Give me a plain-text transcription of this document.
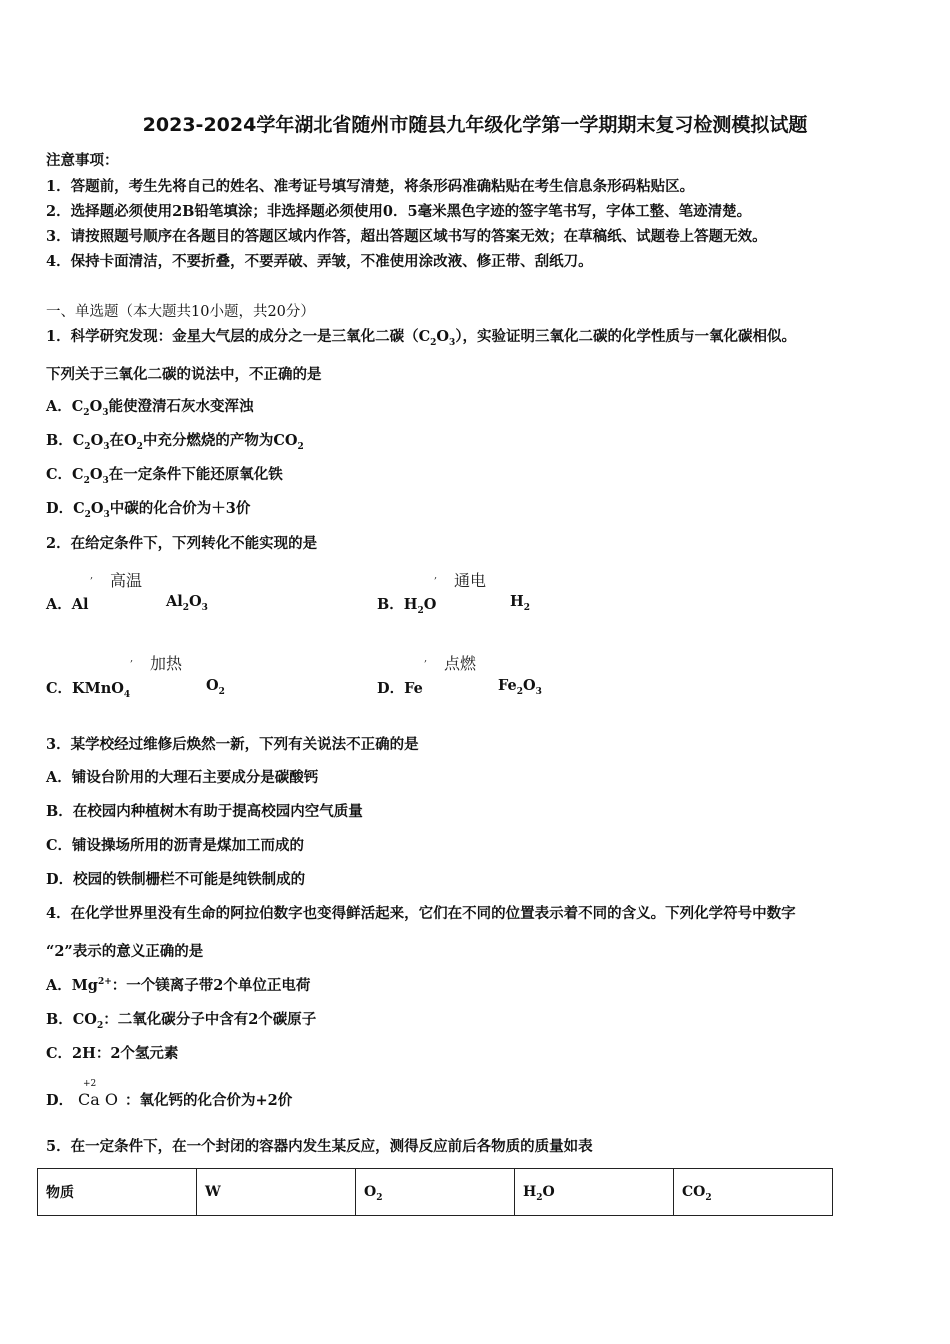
2023-2024学年湖北省随州市随县九年级化学第一学期期末复习检测模拟试题
注意事项：
1．答题前，考生先将自己的姓名、准考证号填写清楚，将条形码准确粘贴在考生信息条形码粘贴区。
2．选择题必须使用2B铅笔填涂；非选择题必须使用0．5毫米黑色字迹的签字笔书写，字体工整、笔迹清楚。
3．请按照题号顺序在各题目的答题区域内作答，超出答题区域书写的答案无效；在草稿纸、试题卷上答题无效。
4．保持卡面清洁，不要折叠，不要弄破、弄皱，不准使用涂改液、修正带、刮纸刀。
一、单选题（本大题共10小题，共20分）
1．科学研究发现：金星大气层的成分之一是三氧化二碳$(C_2O_3)$，实验证明三氧化二碳的化学性质与一氧化碳相似。
下列关于三氧化二碳的说法中，不正确的是
A．$C_2O_3$能使澄清石灰水变浑浊
B．$C_2O_3$在$O_2$中充分燃烧的产物为$CO_2$
C．$C_2O_3$在一定条件下能还原氧化铁
D．$C_2O_3$中碳的化合价为＋3价
2．在给定条件下，下列转化不能实现的是
, 高温
A．Al	$Al_2O_3$
, 通电
B．$H_2O$	$H_2$
, 加热
C．KMnO$_4$
$O_2$
, 点燃
D．Fe	$Fe_2O_3$
3．某学校经过维修后焕然一新，下列有关说法不正确的是
A．铺设台阶用的大理石主要成分是碳酸钙
B．在校园内种植树木有助于提高校园内空气质量
C．铺设操场所用的沥青是煤加工而成的
D．校园的铁制栅栏不可能是纯铁制成的
4．在化学世界里没有生命的阿拉伯数字也变得鲜活起来，它们在不同的位置表示着不同的含义。下列化学符号中数字
“2”表示的意义正确的是
A．$Mg^{2+}$：一个镁离子带2个单位正电荷
B．$CO_2$：二氧化碳分子中含有2个碳原子
C．2H：2个氢元素
D．
+2
Ca O ：氧化钙的化合价为+2价
5．在一定条件下，在一个封闭的容器内发生某反应，测得反应前后各物质的质量如表
物质	W	$O_2$	$H_2O$	$CO_2$
